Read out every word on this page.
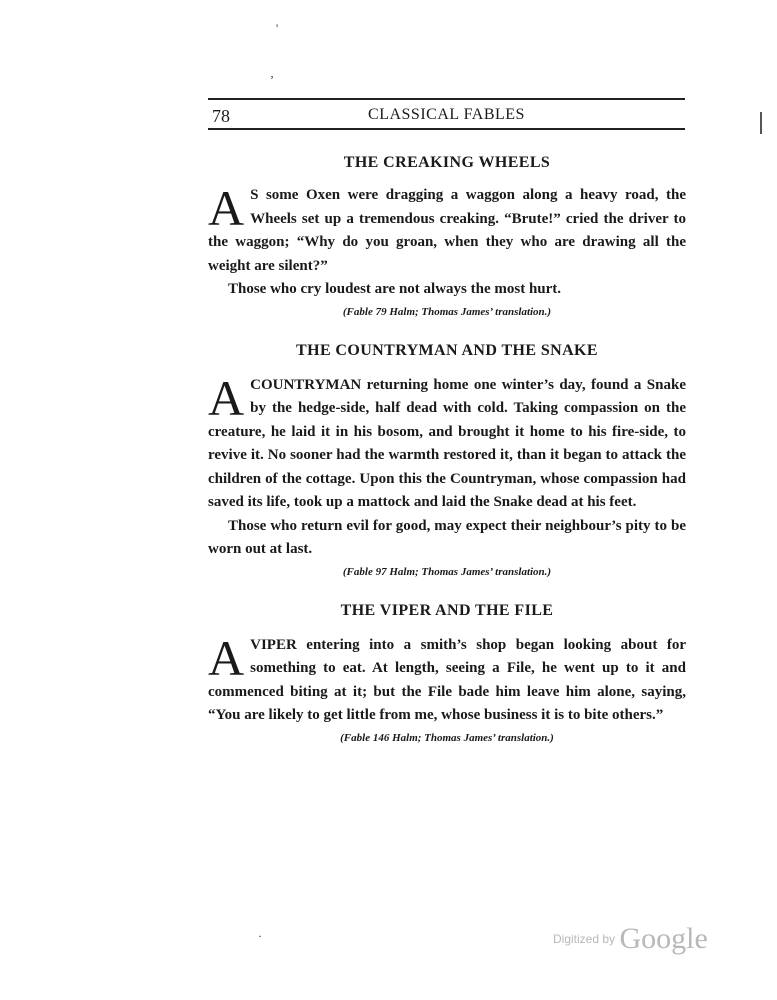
'
ʼ
78	CLASSICAL FABLES
THE CREAKING WHEELS

A S some Oxen were dragging a waggon along a heavy road, the Wheels set up a tremendous creaking. “Brute!” cried the driver to the waggon; “Why do you groan, when they who are drawing all the weight are silent?”

Those who cry loudest are not always the most hurt.

(Fable 79 Halm; Thomas James’ translation.)

THE COUNTRYMAN AND THE SNAKE

ACOUNTRYMAN returning home one winter’s day, found a Snake by the hedge-side, half dead with cold. Taking compassion on the creature, he laid it in his bosom, and brought it home to his fire-side, to revive it. No sooner had the warmth restored it, than it began to attack the children of the cottage. Upon this the Countryman, whose compassion had saved its life, took up a mattock and laid the Snake dead at his feet.

Those who return evil for good, may expect their neighbour’s pity to be worn out at last.

(Fable 97 Halm; Thomas James’ translation.)

THE VIPER AND THE FILE

AVIPER entering into a smith’s shop began looking about for something to eat. At length, seeing a File, he went up to it and commenced biting at it; but the File bade him leave him alone, saying, “You are likely to get little from me, whose business it is to bite others.”

(Fable 146 Halm; Thomas James’ translation.)

·	Digitized by Google
